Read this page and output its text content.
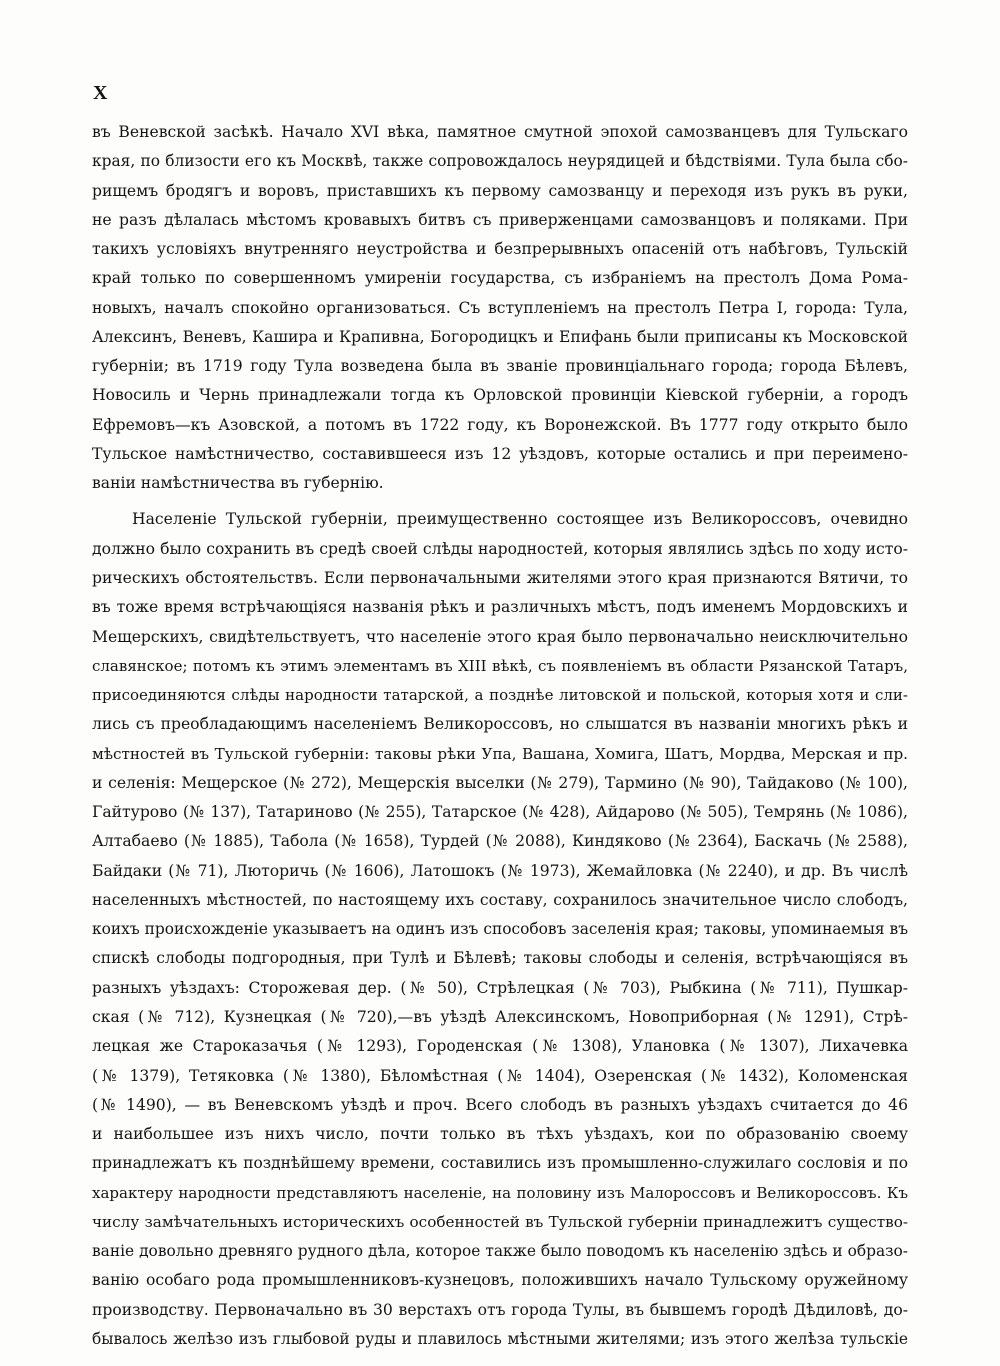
X
въ Веневской засѣкѣ. Начало XVI вѣка, памятное смутной эпохой самозванцевъ для Тульскаго
края, по близости его къ Москвѣ, также сопровождалось неурядицей и бѣдствіями. Тула была сбо-
рищемъ бродягъ и воровъ, приставшихъ къ первому самозванцу и переходя изъ рукъ въ руки,
не разъ дѣлалась мѣстомъ кровавыхъ битвъ съ приверженцами самозванцовъ и поляками. При
такихъ условіяхъ внутренняго неустройства и безпрерывныхъ опасеній отъ набѣговъ, Тульскій
край только по совершенномъ умиреніи государства, съ избраніемъ на престолъ Дома Рома-
новыхъ, началъ спокойно организоваться. Съ вступленіемъ на престолъ Петра I, города: Тула,
Алексинъ, Веневъ, Каширa и Крапивна, Богородицкъ и Епифань были приписаны къ Московской
губерніи; въ 1719 году Тула возведена была въ званіе провинціальнаго города; города Бѣлевъ,
Новосиль и Чернь принадлежали тогда къ Орловской провинціи Кіевской губерніи, а городъ
Ефремовъ—къ Азовской, а потомъ въ 1722 году, къ Воронежской. Въ 1777 году открыто было
Тульское намѣстничество, составившееся изъ 12 уѣздовъ, которые остались и при переимено-
ваніи намѣстничества въ губернію.
Населеніе Тульской губерніи, преимущественно состоящее изъ Великороссовъ, очевидно
должно было сохранить въ средѣ своей слѣды народностей, которыя являлись здѣсь по ходу исто-
рическихъ обстоятельствъ. Если первоначальными жителями этого края признаются Вятичи, то
въ тоже время встрѣчающіяся названія рѣкъ и различныхъ мѣстъ, подъ именемъ Мордовскихъ и
Мещерскихъ, свидѣтельствуетъ, что населеніе этого края было первоначально неисключительно
славянское; потомъ къ этимъ элементамъ въ XIII вѣкѣ, съ появленіемъ въ области Рязанской Татаръ,
присоединяются слѣды народности татарской, а позднѣе литовской и польской, которыя хотя и сли-
лись съ преобладающимъ населеніемъ Великороссовъ, но слышатся въ названіи многихъ рѣкъ и
мѣстностей въ Тульской губерніи: таковы рѣки Упа, Вашана, Хомига, Шатъ, Мордва, Мерская и пр.
и селенія: Мещерское (№ 272), Мещерскія выселки (№ 279), Тармино (№ 90), Тайдаково (№ 100),
Гайтурово (№ 137), Татариново (№ 255), Татарское (№ 428), Айдарово (№ 505), Темрянь (№ 1086),
Алтабаево (№ 1885), Табола (№ 1658), Турдей (№ 2088), Киндяково (№ 2364), Баскачь (№ 2588),
Байдаки (№ 71), Люторичь (№ 1606), Латошокъ (№ 1973), Жемайловка (№ 2240), и др. Въ числѣ
населенныхъ мѣстностей, по настоящему ихъ составу, сохранилось значительное число слободъ,
коихъ происхожденіе указываетъ на одинъ изъ способовъ заселенія края; таковы, упоминаемыя въ
спискѣ слободы подгородныя, при Тулѣ и Бѣлевѣ; таковы слободы и селенія, встрѣчающіяся въ
разныхъ уѣздахъ: Сторожевая дер. (№ 50), Стрѣлецкая (№ 703), Рыбкина (№ 711), Пушкар-
ская (№ 712), Кузнецкая (№ 720),—въ уѣздѣ Алексинскомъ, Новоприборная (№ 1291), Стрѣ-
лецкая же Старoказачья (№ 1293), Городенская (№ 1308), Улановка (№ 1307), Лихачевка
(№ 1379), Тетяковка (№ 1380), Бѣломѣстная (№ 1404), Озеренская (№ 1432), Коломенская
(№ 1490), — въ Веневскомъ уѣздѣ и проч. Всего слободъ въ разныхъ уѣздахъ считается до 46
и наибольшее изъ нихъ число, почти только въ тѣхъ уѣздахъ, кои по образованію своему
принадлежатъ къ позднѣйшему времени, составились изъ промышленно-служилаго сословія и по
характеру народности представляютъ населеніе, на половину изъ Малороссовъ и Великороссовъ. Къ
числу замѣчательныхъ историческихъ особенностей въ Тульской губерніи принадлежитъ существо-
ваніе довольно древняго рудного дѣла, которое также было поводомъ къ населенію здѣсь и образо-
ванію особаго рода промышленниковъ-кузнецовъ, положившихъ начало Тульскому оружейному
производству. Первоначально въ 30 верстахъ отъ города Тулы, въ бывшемъ городѣ Дѣдиловѣ, до-
бывалось желѣзо изъ глыбовой руды и плавилось мѣстными жителями; изъ этого желѣза тульскіе
